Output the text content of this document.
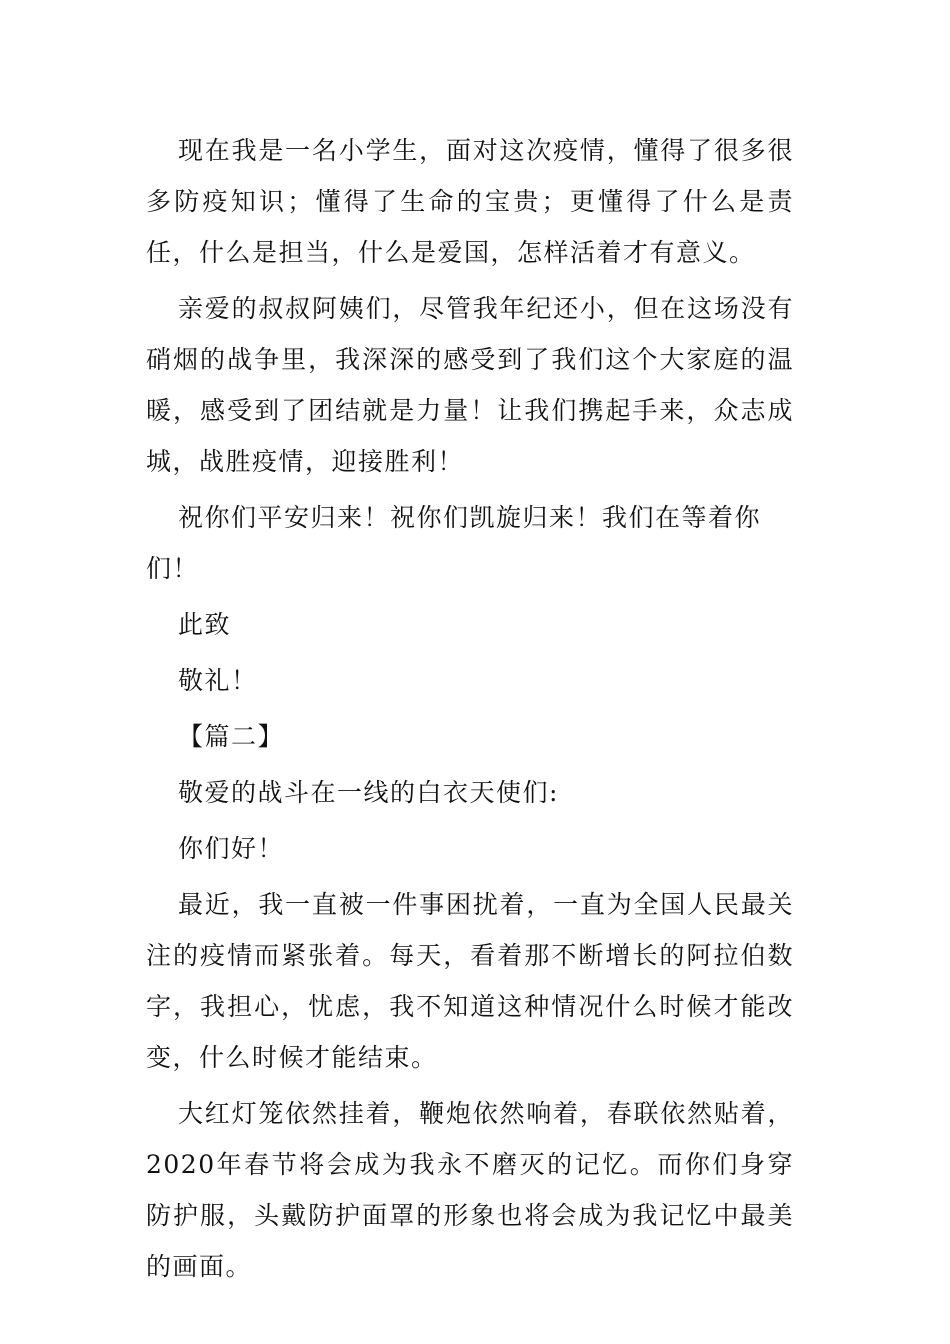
现在我是一名小学生，面对这次疫情，懂得了很多很多防疫知识；懂得了生命的宝贵；更懂得了什么是责任，什么是担当，什么是爱国，怎样活着才有意义。

亲爱的叔叔阿姨们，尽管我年纪还小，但在这场没有硝烟的战争里，我深深的感受到了我们这个大家庭的温暖，感受到了团结就是力量！让我们携起手来，众志成城，战胜疫情，迎接胜利！

祝你们平安归来！祝你们凯旋归来！我们在等着你们！

此致

敬礼！

【篇二】

敬爱的战斗在一线的白衣天使们:

你们好！

最近，我一直被一件事困扰着，一直为全国人民最关注的疫情而紧张着。每天，看着那不断增长的阿拉伯数字，我担心，忧虑，我不知道这种情况什么时候才能改变，什么时候才能结束。

大红灯笼依然挂着，鞭炮依然响着，春联依然贴着，2020年春节将会成为我永不磨灭的记忆。而你们身穿防护服，头戴防护面罩的形象也将会成为我记忆中最美的画面。
